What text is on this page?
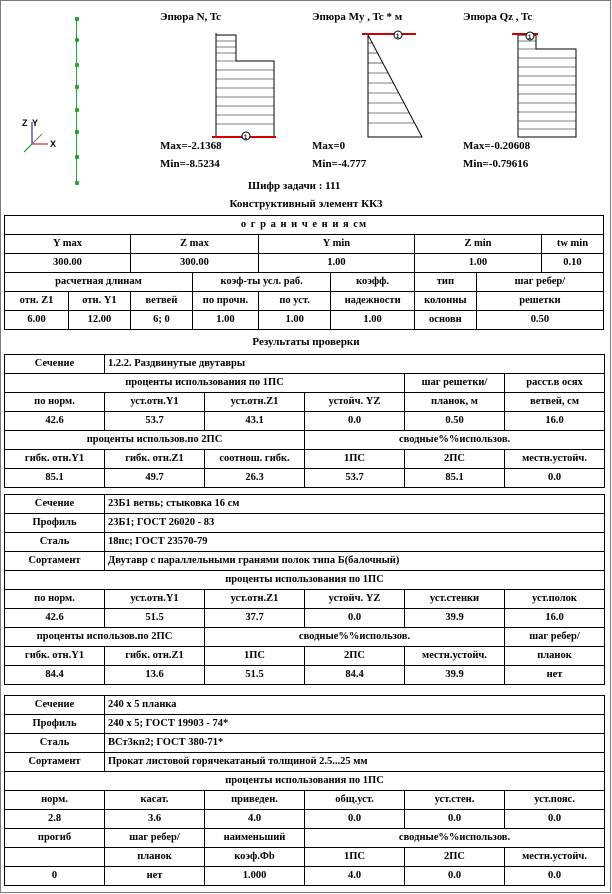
Z Y
X
Эпюра N, Tc	Эпюра My , Tc * м	Эпюра Qz , Tc
1
1	1
Max=-2.1368
Min=-8.5234
Max=0
Min=-4.777
Max=-0.20608
Min=-0.79616
Шифр задачи : 111
Конструктивный элемент КК3
о г р а н и ч е н и я см								
Y max		Z max		Y min		Z min		tw min
300.00		300.00		1.00		1.00		0.10
расчетная длинам			коэф-ты усл. раб.		коэфф.	тип	шаг ребер/	
отн. Z1	отн. Y1	ветвей	по прочн.	по уст.	надежности	колонны	решетки	
6.00	12.00	6; 0	1.00	1.00	1.00	основн	0.50	
Результаты проверки
Сечение	1.2.2. Раздвинутые двутавры				
проценты использования по 1ПС				шаг решетки/	расст.в осях
по норм.	уст.отн.Y1	уст.отн.Z1	устойч. YZ	планок, м	ветвей, см
42.6	53.7	43.1	0.0	0.50	16.0
проценты использов.по 2ПС			сводные%%использов.		
гибк. отн.Y1	гибк. отн.Z1	соотнош. гибк.	1ПС	2ПС	местн.устойч.
85.1	49.7	26.3	53.7	85.1	0.0
Сечение	23Б1 ветвь; стыковка 16 см				
Профиль	23Б1; ГОСТ 26020 - 83				
Сталь	18пс; ГОСТ 23570-79				
Сортамент	Двутавр с параллельными гранями полок типа Б(балочный)				
проценты использования по 1ПС					
по норм.	уст.отн.Y1	уст.отн.Z1	устойч. YZ	уст.стенки	уст.полок
42.6	51.5	37.7	0.0	39.9	16.0
проценты использов.по 2ПС		сводные%%использов.			шаг ребер/
гибк. отн.Y1	гибк. отн.Z1	1ПС	2ПС	местн.устойч.	планок
84.4	13.6	51.5	84.4	39.9	нет
Сечение	240 х 5 планка				
Профиль	240 х 5; ГОСТ 19903 - 74*				
Сталь	ВСт3кп2; ГОСТ 380-71*				
Сортамент	Прокат листовой горячекатаный толщиной 2.5...25 мм				
проценты использования по 1ПС					
норм.	касат.	приведен.	общ.уст.	уст.стен.	уст.пояс.
2.8	3.6	4.0	0.0	0.0	0.0
прогиб	шаг ребер/	наименьший	сводные%%использов.		
	планок	коэф.Фb	1ПС	2ПС	местн.устойч.
0	нет	1.000	4.0	0.0	0.0
